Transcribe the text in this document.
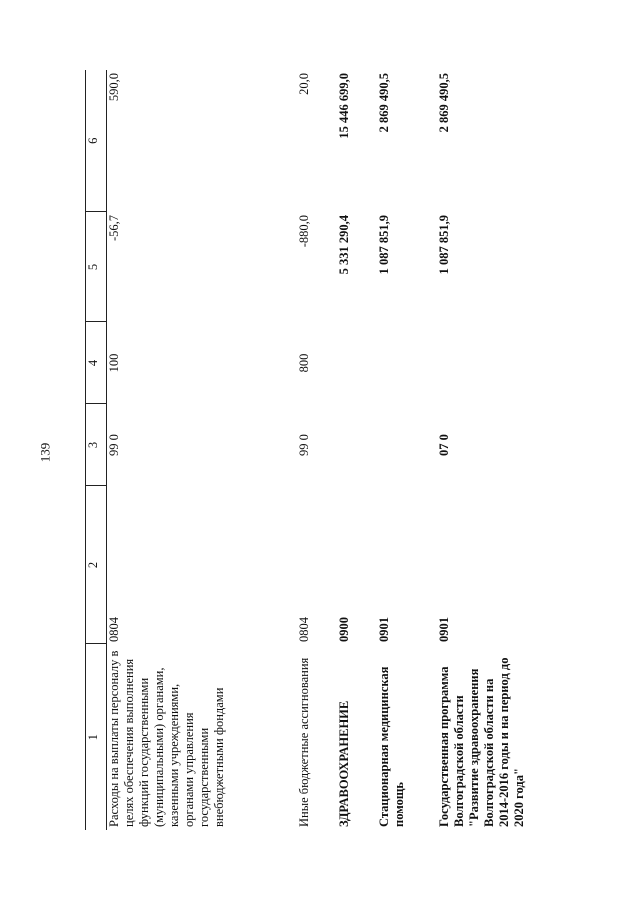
139
1	2	3	4	5	6
Расходы на выплаты персоналу в целях обеспечения выполнения функций государственными (муниципальными) органами, казенными учреждениями, органами управления государственными внебюджетными фондами	0804	99 0	100	-56,7	590,0
Иные бюджетные ассигнования	0804	99 0	800	-880,0	20,0
ЗДРАВООХРАНЕНИЕ	0900			5 331 290,4	15 446 699,0
Стационарная медицинская помощь	0901			1 087 851,9	2 869 490,5
Государственная программа Волгоградской области "Развитие здравоохранения Волгоградской области на 2014-2016 годы и на период до 2020 года"	0901	07 0		1 087 851,9	2 869 490,5
